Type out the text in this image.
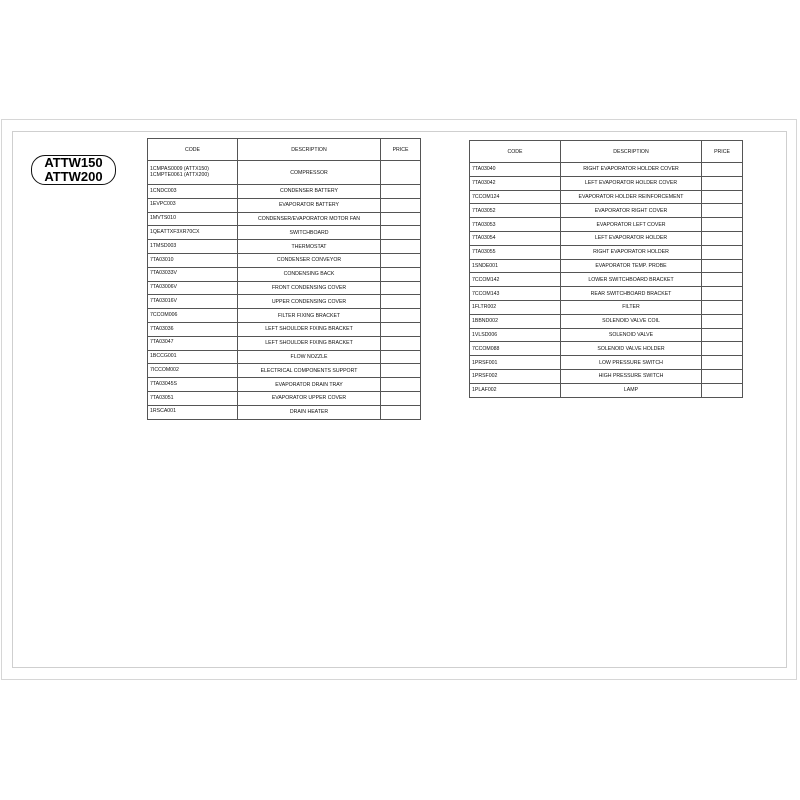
ATTW150
ATTW200
CODE	DESCRIPTION	PRICE

1CMPAS0009 (ATTX150)
1CMPTE0061 (ATTX200)	COMPRESSOR	

1CNDC003	CONDENSER BATTERY	

1EVPC003	EVAPORATOR BATTERY	

1MVTS010	CONDENSER/EVAPORATOR MOTOR FAN	

1QEATTXF3XR70CX	SWITCHBOARD	

1TMSD003	THERMOSTAT	

7TA03010	CONDENSER CONVEYOR	

7TA03033V	CONDENSING BACK	

7TA03006V	FRONT CONDENSING COVER	

7TA03016V	UPPER CONDENSING COVER	

7CCOM006	FILTER FIXING BRACKET	

7TA03036	LEFT SHOULDER FIXING BRACKET	

7TA03047	LEFT SHOULDER FIXING BRACKET	

1BCCG001	FLOW NOZZLE	

7ICCOM002	ELECTRICAL COMPONENTS SUPPORT	

7TA03045S	EVAPORATOR DRAIN TRAY	

7TA03051	EVAPORATOR UPPER COVER	

1RSCA001	DRAIN HEATER	
CODE	DESCRIPTION	PRICE
7TA03040	RIGHT EVAPORATOR HOLDER COVER	
7TA03042	LEFT EVAPORATOR HOLDER COVER	
7CCOM124	EVAPORATOR HOLDER REINFORCEMENT	
7TA03052	EVAPORATOR RIGHT COVER	
7TA03053	EVAPORATOR LEFT COVER	
7TA03054	LEFT EVAPORATOR HOLDER	
7TA03055	RIGHT EVAPORATOR HOLDER	
1SNDE001	EVAPORATOR TEMP. PROBE	
7CCOM142	LOWER SWITCHBOARD BRACKET	
7CCOM143	REAR SWITCHBOARD BRACKET	
1FLTR002	FILTER	
1BBND002	SOLENOID VALVE COIL	
1VLSD006	SOLENOID VALVE	
7CCOM088	SOLENOID VALVE HOLDER	
1PRSF001	LOW PRESSURE SWITCH	
1PRSF002	HIGH PRESSURE SWITCH	
1PLAF002	LAMP	
